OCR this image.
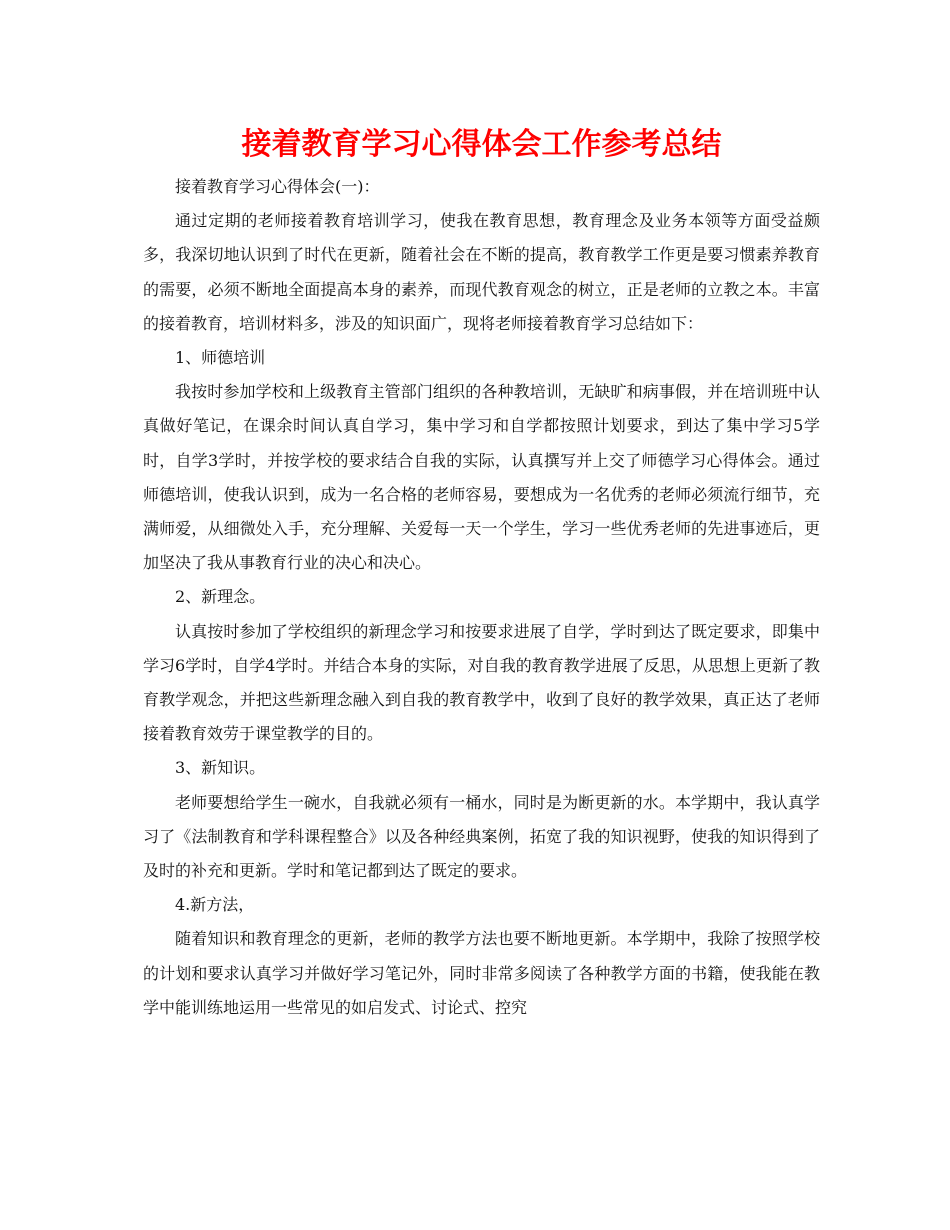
接着教育学习心得体会工作参考总结

接着教育学习心得体会(一)：

通过定期的老师接着教育培训学习，使我在教育思想，教育理念及业务本领等方面受益颇多，我深切地认识到了时代在更新，随着社会在不断的提高，教育教学工作更是要习惯素养教育的需要，必须不断地全面提高本身的素养，而现代教育观念的树立，正是老师的立教之本。丰富的接着教育，培训材料多，涉及的知识面广，现将老师接着教育学习总结如下：

1、师德培训

我按时参加学校和上级教育主管部门组织的各种教培训，无缺旷和病事假，并在培训班中认真做好笔记，在课余时间认真自学习，集中学习和自学都按照计划要求，到达了集中学习5学时，自学3学时，并按学校的要求结合自我的实际，认真撰写并上交了师德学习心得体会。通过师德培训，使我认识到，成为一名合格的老师容易，要想成为一名优秀的老师必须流行细节，充满师爱，从细微处入手，充分理解、关爱每一天一个学生，学习一些优秀老师的先进事迹后，更加坚决了我从事教育行业的决心和决心。

2、新理念。

认真按时参加了学校组织的新理念学习和按要求进展了自学，学时到达了既定要求，即集中学习6学时，自学4学时。并结合本身的实际，对自我的教育教学进展了反思，从思想上更新了教育教学观念，并把这些新理念融入到自我的教育教学中，收到了良好的教学效果，真正达了老师接着教育效劳于课堂教学的目的。

3、新知识。

老师要想给学生一碗水，自我就必须有一桶水，同时是为断更新的水。本学期中，我认真学习了《法制教育和学科课程整合》以及各种经典案例，拓宽了我的知识视野，使我的知识得到了及时的补充和更新。学时和笔记都到达了既定的要求。

4.新方法，

随着知识和教育理念的更新，老师的教学方法也要不断地更新。本学期中，我除了按照学校的计划和要求认真学习并做好学习笔记外，同时非常多阅读了各种教学方面的书籍，使我能在教学中能训练地运用一些常见的如启发式、讨论式、控究
